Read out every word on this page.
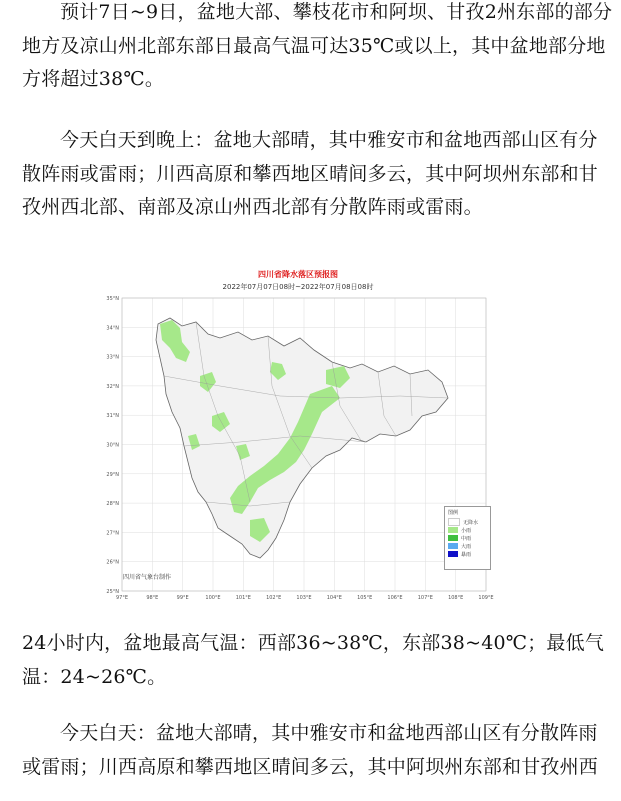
预计7日~9日，盆地大部、攀枝花市和阿坝、甘孜2州东部的部分
地方及凉山州北部东部日最高气温可达35℃或以上，其中盆地部分地
方将超过38℃。
今天白天到晚上：盆地大部晴，其中雅安市和盆地西部山区有分
散阵雨或雷雨；川西高原和攀西地区晴间多云，其中阿坝州东部和甘
孜州西北部、南部及凉山州西北部有分散阵雨或雷雨。
35°N
34°N
33°N
32°N
31°N
30°N
29°N
28°N
27°N
26°N
25°N
97°E	98°E	99°E	100°E	101°E	102°E	103°E	104°E	105°E	106°E	107°E	108°E	109°E
四川省降水落区预报图
2022年07月07日08时~2022年07月08日08时
四川省气象台制作
图例
无降水
小雨
中雨
大雨
暴雨
24小时内，盆地最高气温：西部36~38℃，东部38~40℃；最低气
温：24~26℃。
今天白天：盆地大部晴，其中雅安市和盆地西部山区有分散阵雨
或雷雨；川西高原和攀西地区晴间多云，其中阿坝州东部和甘孜州西
